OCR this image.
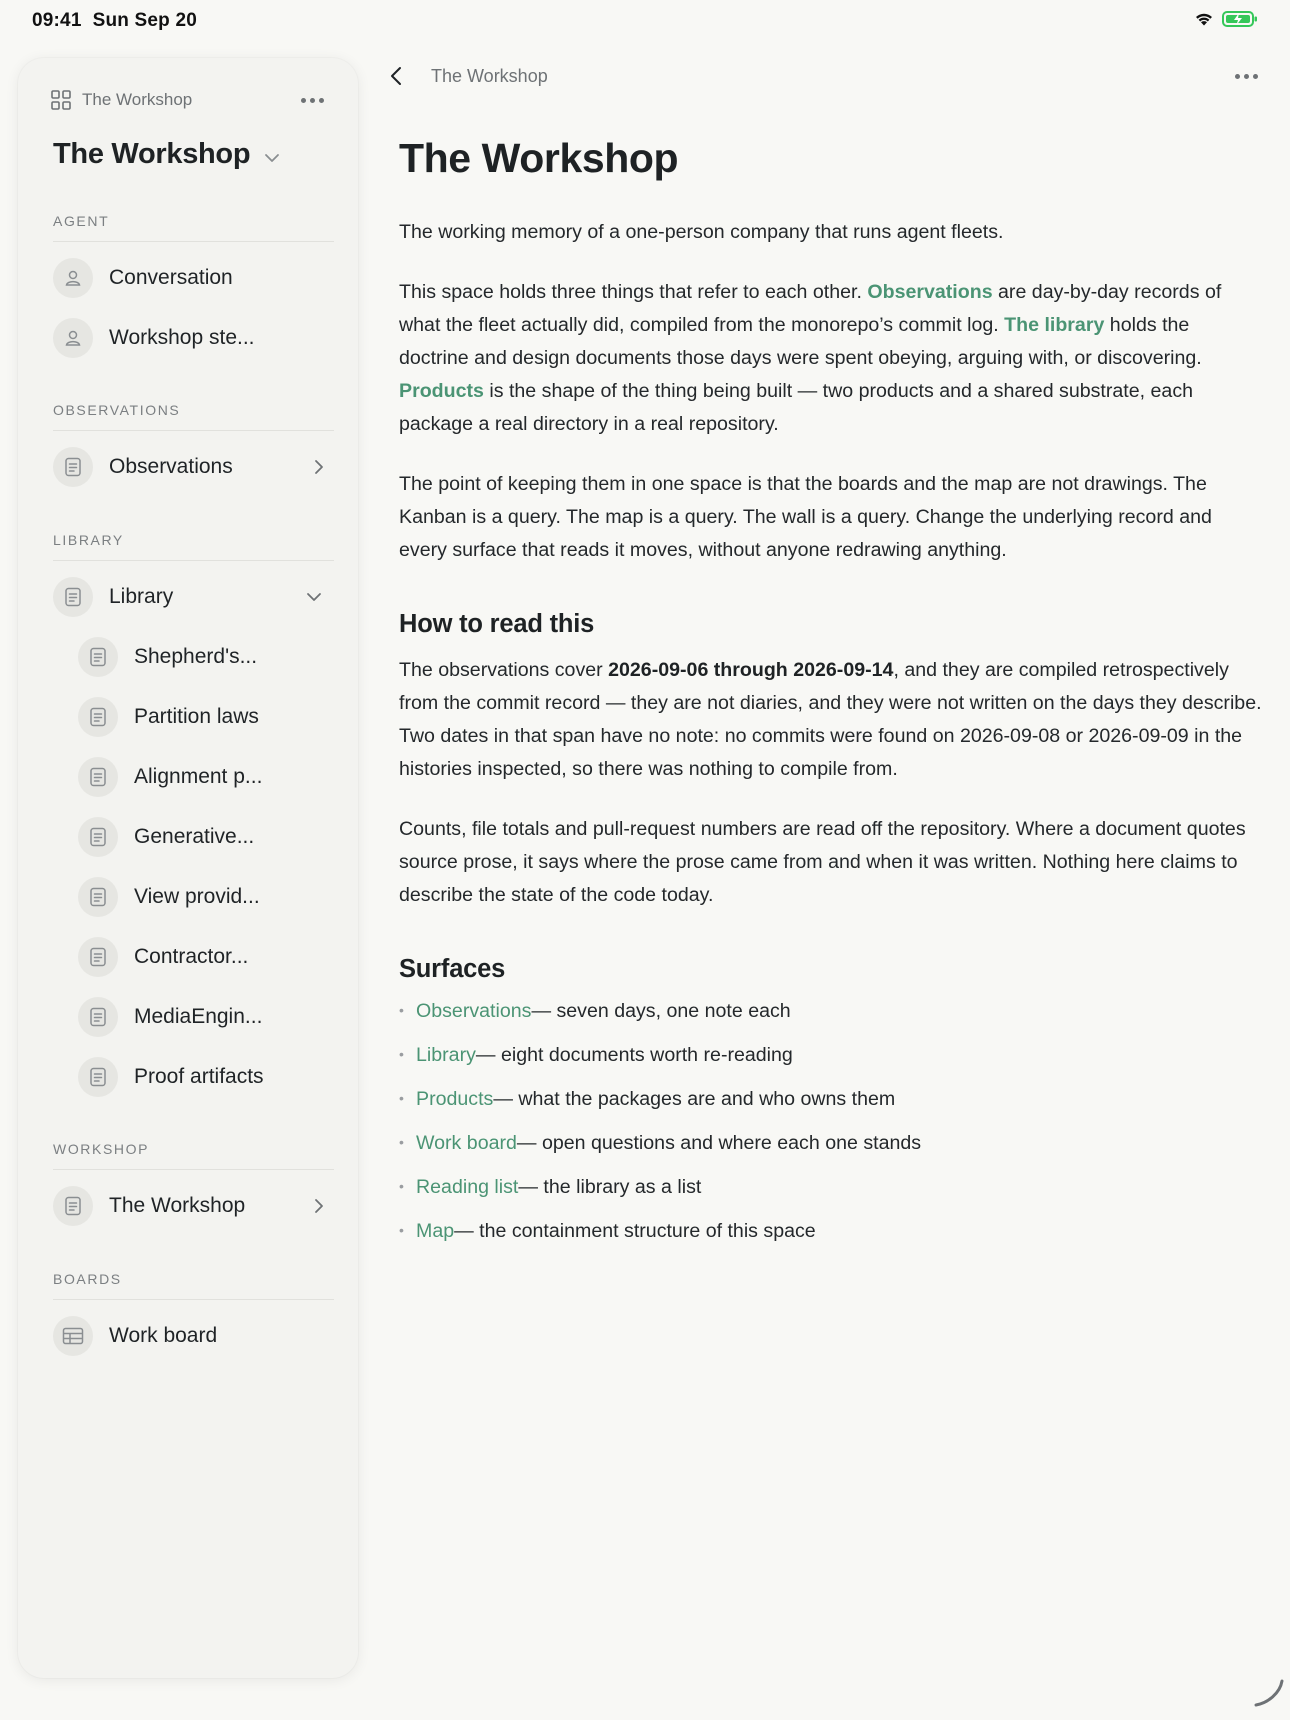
09:41 Sun Sep 20
The Workshop
The Workshop
AGENT
Conversation
Workshop ste...
OBSERVATIONS
Observations
LIBRARY
Library
Shepherd's...
Partition laws
Alignment p...
Generative...
View provid...
Contractor...
MediaEngin...
Proof artifacts
WORKSHOP
The Workshop
BOARDS
Work board
The Workshop
The Workshop

The working memory of a one-person company that runs agent fleets.

This space holds three things that refer to each other. Observations are day-by-day records of what the fleet actually did, compiled from the monorepo’s commit log. The library holds the doctrine and design documents those days were spent obeying, arguing with, or discovering. Products is the shape of the thing being built — two products and a shared substrate, each package a real directory in a real repository.

The point of keeping them in one space is that the boards and the map are not drawings. The Kanban is a query. The map is a query. The wall is a query. Change the underlying record and every surface that reads it moves, without anyone redrawing anything.

How to read this

The observations cover 2026-09-06 through 2026-09-14, and they are compiled retrospectively from the commit record — they are not diaries, and they were not written on the days they describe. Two dates in that span have no note: no commits were found on 2026-09-08 or 2026-09-09 in the histories inspected, so there was nothing to compile from.

Counts, file totals and pull-request numbers are read off the repository. Where a document quotes source prose, it says where the prose came from and when it was written. Nothing here claims to describe the state of the code today.

Surfaces
• Observations — seven days, one note each
• Library — eight documents worth re-reading
• Products — what the packages are and who owns them
• Work board — open questions and where each one stands
• Reading list — the library as a list
• Map — the containment structure of this space
